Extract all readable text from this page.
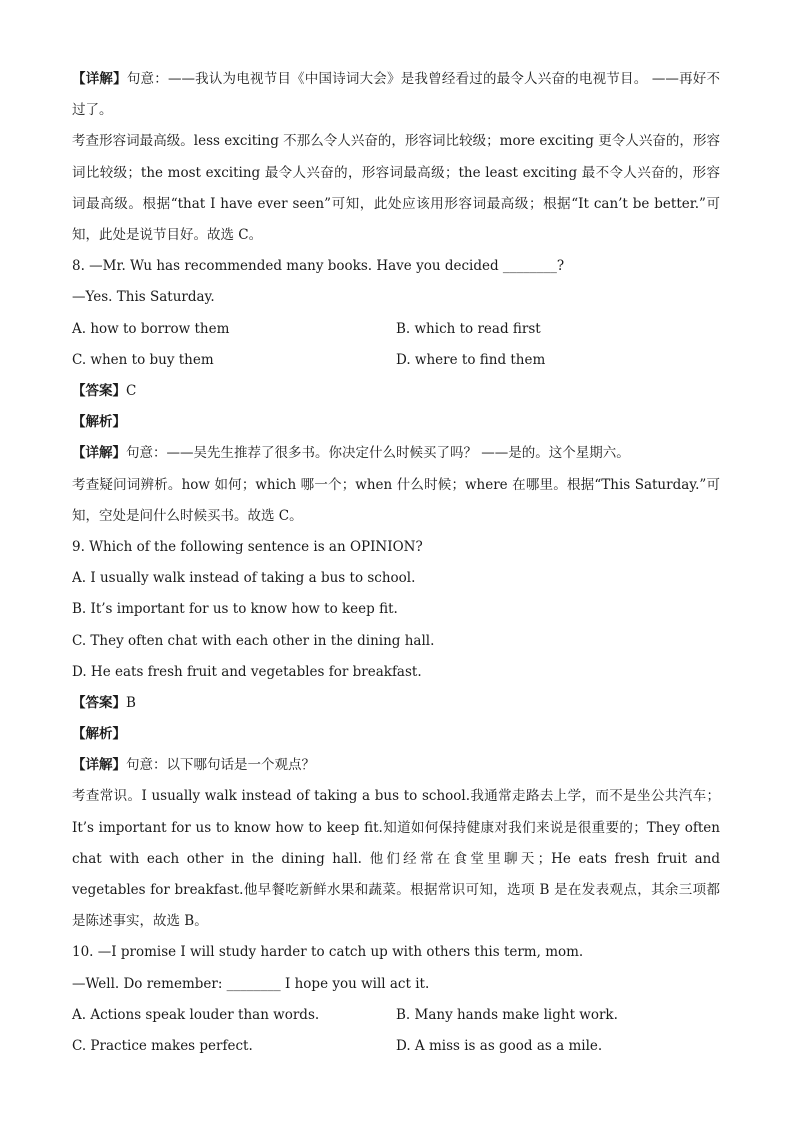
【详解】句意：——我认为电视节目《中国诗词大会》是我曾经看过的最令人兴奋的电视节目。 ——再好不过了。
考查形容词最高级。less exciting 不那么令人兴奋的，形容词比较级；more exciting 更令人兴奋的，形容词比较级；the most exciting 最令人兴奋的，形容词最高级；the least exciting 最不令人兴奋的，形容词最高级。根据“that I have ever seen”可知，此处应该用形容词最高级；根据“It can’t be better.”可知，此处是说节目好。故选 C。
8. —Mr. Wu has recommended many books. Have you decided ________?
—Yes. This Saturday.
A. how to borrow them	B. which to read first
C. when to buy them	D. where to find them
【答案】C
【解析】
【详解】句意：——吴先生推荐了很多书。你决定什么时候买了吗？ ——是的。这个星期六。
考查疑问词辨析。how 如何；which 哪一个；when 什么时候；where 在哪里。根据“This Saturday.”可知，空处是问什么时候买书。故选 C。
9. Which of the following sentence is an OPINION?
A. I usually walk instead of taking a bus to school.
B. It’s important for us to know how to keep fit.
C. They often chat with each other in the dining hall.
D. He eats fresh fruit and vegetables for breakfast.
【答案】B
【解析】
【详解】句意：以下哪句话是一个观点？
考查常识。I usually walk instead of taking a bus to school.我通常走路去上学，而不是坐公共汽车；It’s important for us to know how to keep fit.知道如何保持健康对我们来说是很重要的；They often chat with each other in the dining hall. 他们经常在食堂里聊天；He eats fresh fruit and vegetables for breakfast.他早餐吃新鲜水果和蔬菜。根据常识可知，选项 B 是在发表观点，其余三项都是陈述事实，故选 B。
10. —I promise I will study harder to catch up with others this term, mom.
—Well. Do remember: ________ I hope you will act it.
A. Actions speak louder than words.	B. Many hands make light work.
C. Practice makes perfect.	D. A miss is as good as a mile.
